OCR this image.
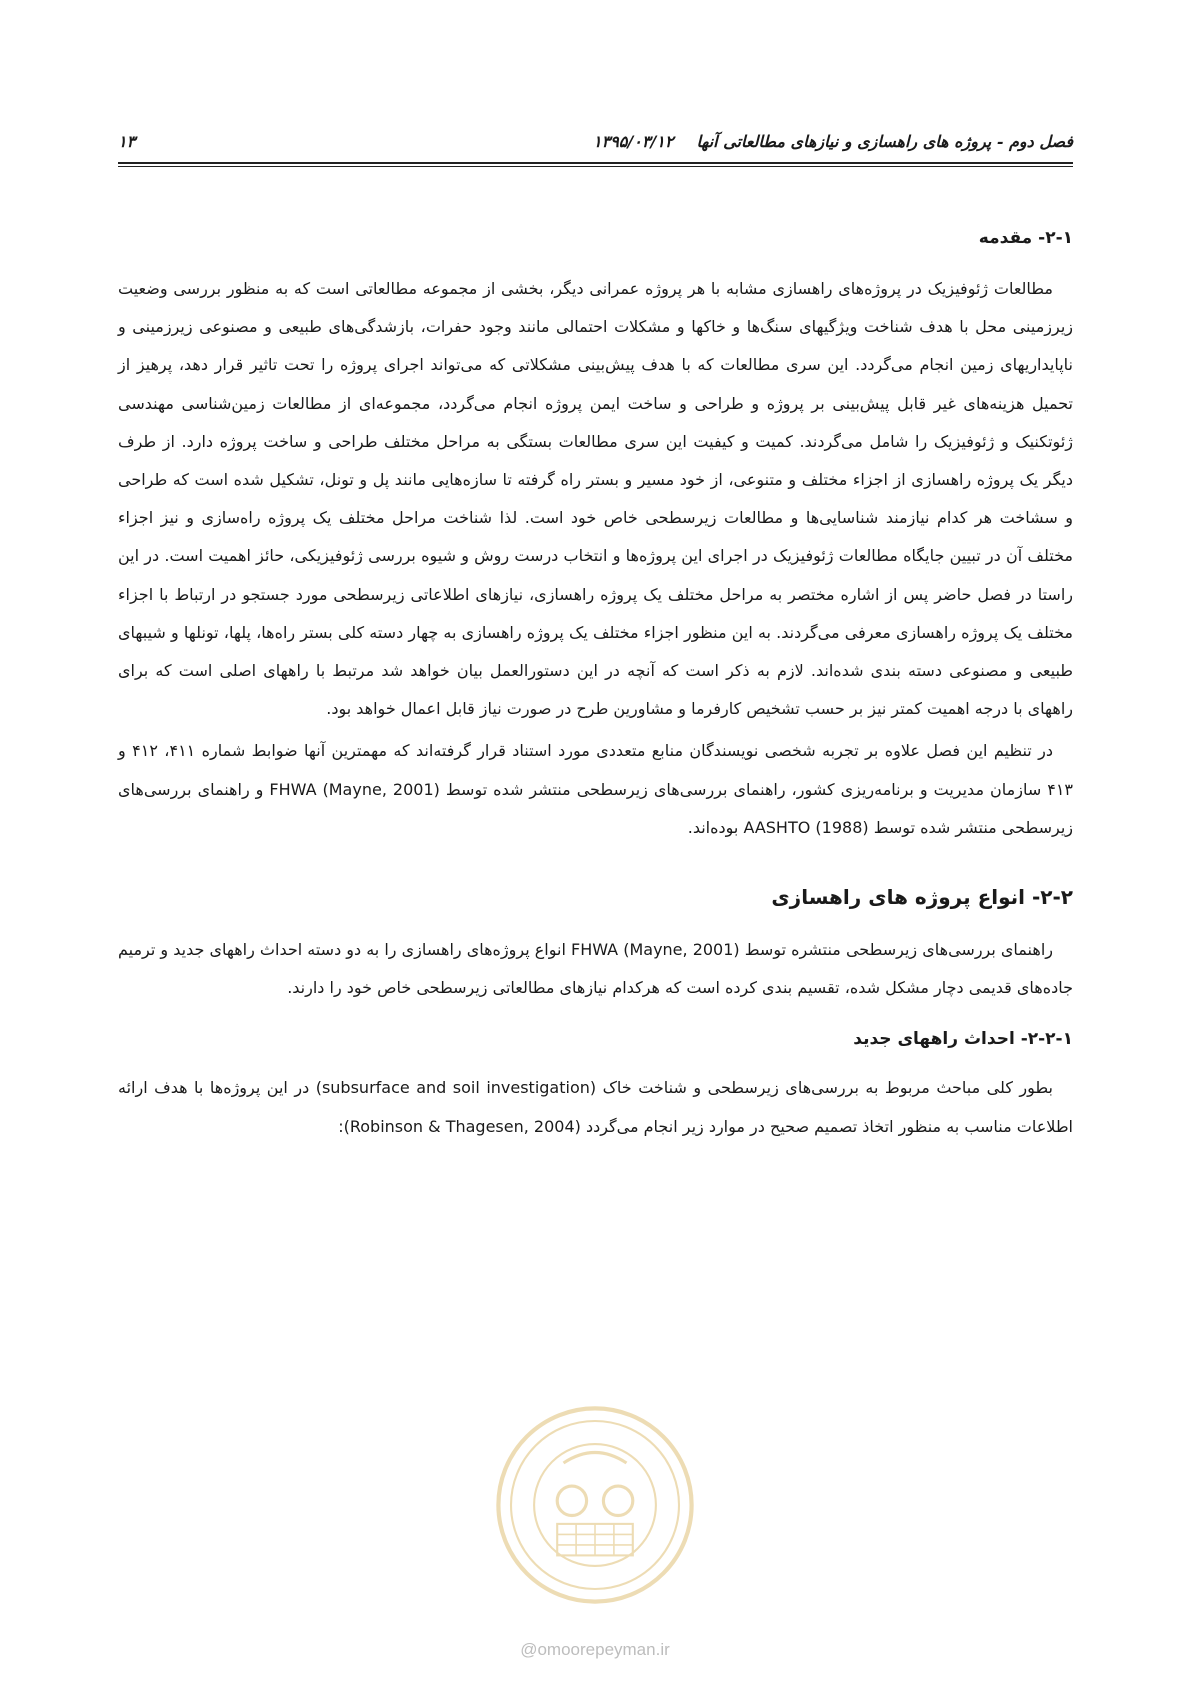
فصل دوم - پروژه های راهسازی و نیازهای مطالعاتی آنها
۱۳۹۵/۰۳/۱۲
۱۳
۲-۱- مقدمه

مطالعات ژئوفیزیک در پروژه‌های راهسازی مشابه با هر پروژه عمرانی دیگر، بخشی از مجموعه مطالعاتی است که به منظور بررسی وضعیت زیرزمینی محل با هدف شناخت ویژگیهای سنگ‌ها و خاکها و مشکلات احتمالی مانند وجود حفرات، بازشدگی‌های طبیعی و مصنوعی زیرزمینی و ناپایداریهای زمین انجام می‌گردد. این سری مطالعات که با هدف پیش‌بینی مشکلاتی که می‌تواند اجرای پروژه را تحت تاثیر قرار دهد، پرهیز از تحمیل هزینه‌های غیر قابل پیش‌بینی بر پروژه و طراحی و ساخت ایمن پروژه انجام می‌گردد، مجموعه‌ای از مطالعات زمین‌شناسی مهندسی ژئوتکنیک و ژئوفیزیک را شامل می‌گردند. کمیت و کیفیت این سری مطالعات بستگی به مراحل مختلف طراحی و ساخت پروژه دارد. از طرف دیگر یک پروژه راهسازی از اجزاء مختلف و متنوعی، از خود مسیر و بستر راه گرفته تا سازه‌هایی مانند پل و تونل، تشکیل شده است که طراحی و سشاخت هر کدام نیازمند شناسایی‌ها و مطالعات زیرسطحی خاص خود است. لذا شناخت مراحل مختلف یک پروژه راه‌سازی و نیز اجزاء مختلف آن در تبیین جایگاه مطالعات ژئوفیزیک در اجرای این پروژه‌ها و انتخاب درست روش و شیوه بررسی ژئوفیزیکی، حائز اهمیت است. در این راستا در فصل حاضر پس از اشاره مختصر به مراحل مختلف یک پروژه راهسازی، نیازهای اطلاعاتی زیرسطحی مورد جستجو در ارتباط با اجزاء مختلف یک پروژه راهسازی معرفی می‌گردند. به این منظور اجزاء مختلف یک پروژه راهسازی به چهار دسته کلی بستر راه‌ها، پلها، تونلها و شیبهای طبیعی و مصنوعی دسته بندی شده‌اند. لازم به ذکر است که آنچه در این دستورالعمل بیان خواهد شد مرتبط با راههای اصلی است که برای راههای با درجه اهمیت کمتر نیز بر حسب تشخیص کارفرما و مشاورین طرح در صورت نیاز قابل اعمال خواهد بود.

در تنظیم این فصل علاوه بر تجربه شخصی نویسندگان منابع متعددی مورد استناد قرار گرفته‌اند که مهمترین آنها ضوابط شماره ۴۱۱، ۴۱۲ و ۴۱۳ سازمان مدیریت و برنامه‌ریزی کشور، راهنمای بررسی‌های زیرسطحی منتشر شده توسط FHWA (Mayne, 2001) و راهنمای بررسی‌های زیرسطحی منتشر شده توسط AASHTO (1988) بوده‌اند.

۲-۲- انواع پروژه های راهسازی

راهنمای بررسی‌های زیرسطحی منتشره توسط FHWA (Mayne, 2001) انواع پروژه‌های راهسازی را به دو دسته احداث راههای جدید و ترمیم جاده‌های قدیمی دچار مشکل شده، تقسیم بندی کرده است که هرکدام نیازهای مطالعاتی زیرسطحی خاص خود را دارند.

۲-۲-۱- احداث راههای جدید

بطور کلی مباحث مربوط به بررسی‌های زیرسطحی و شناخت خاک (subsurface and soil investigation) در این پروژه‌ها با هدف ارائه اطلاعات مناسب به منظور اتخاذ تصمیم صحیح در موارد زیر انجام می‌گردد (Robinson & Thagesen, 2004):

@omoorepeyman.ir
